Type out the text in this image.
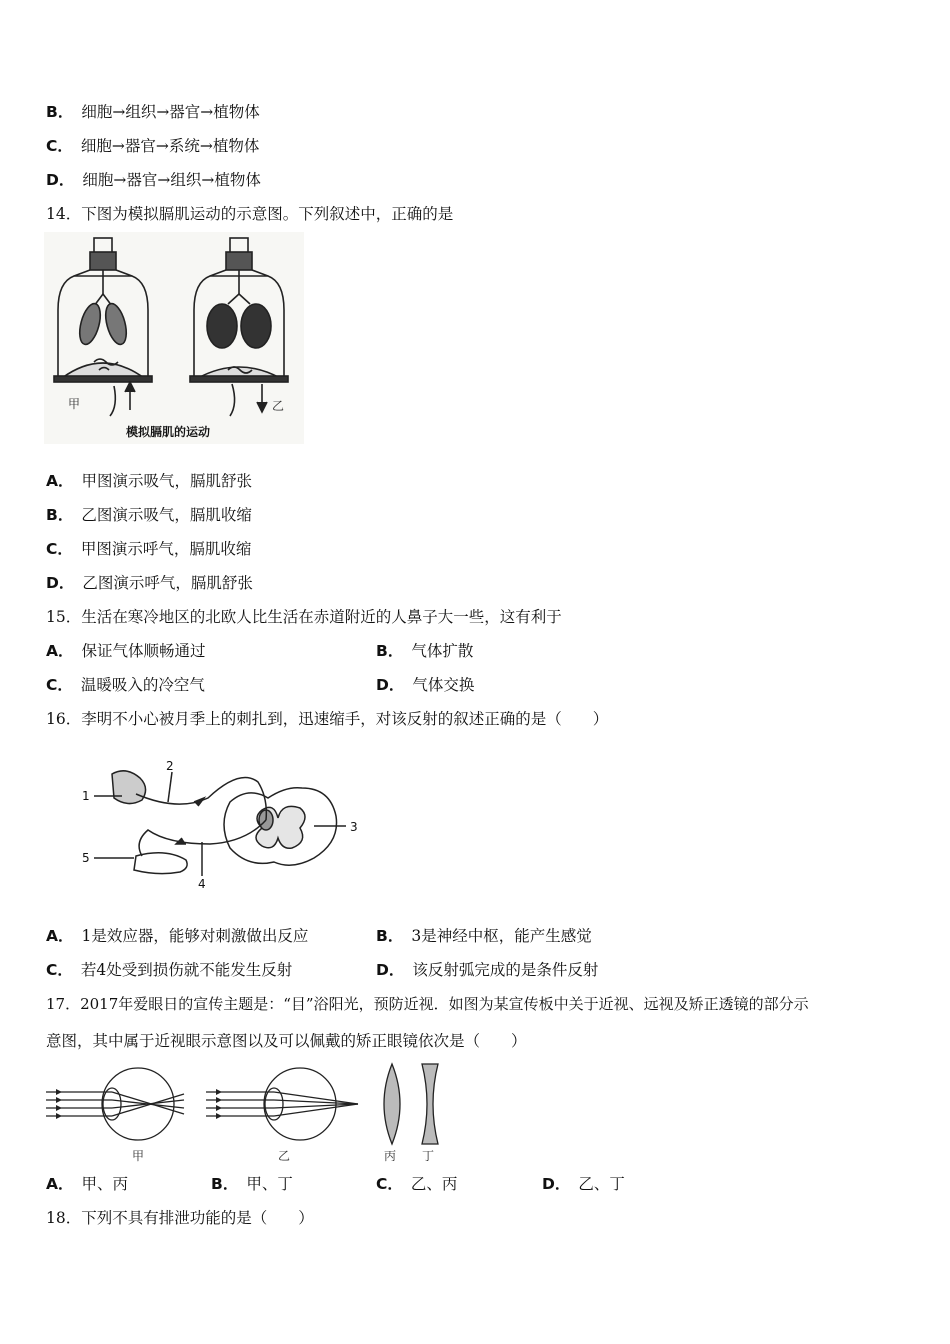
B． 细胞→组织→器官→植物体
C． 细胞→器官→系统→植物体
D． 细胞→器官→组织→植物体
14．下图为模拟膈肌运动的示意图。下列叙述中，正确的是
甲	乙
模拟膈肌的运动
A． 甲图演示吸气，膈肌舒张
B． 乙图演示吸气，膈肌收缩
C． 甲图演示呼气，膈肌收缩
D． 乙图演示呼气，膈肌舒张
15．生活在寒冷地区的北欧人比生活在赤道附近的人鼻子大一些，这有利于
A． 保证气体顺畅通过	B． 气体扩散
C． 温暖吸入的冷空气	D． 气体交换
16．李明不小心被月季上的刺扎到，迅速缩手，对该反射的叙述正确的是（　　）
1
2
3
4
5
A． 1是效应器，能够对刺激做出反应	B． 3是神经中枢，能产生感觉
C． 若4处受到损伤就不能发生反射	D． 该反射弧完成的是条件反射
17．2017年爱眼日的宣传主题是：“目”浴阳光，预防近视．如图为某宣传板中关于近视、远视及矫正透镜的部分示
意图，其中属于近视眼示意图以及可以佩戴的矫正眼镜依次是（　　）
甲	乙	丙 丁
A． 甲、丙	B． 甲、丁	C． 乙、丙	D． 乙、丁
18．下列不具有排泄功能的是（　　）
